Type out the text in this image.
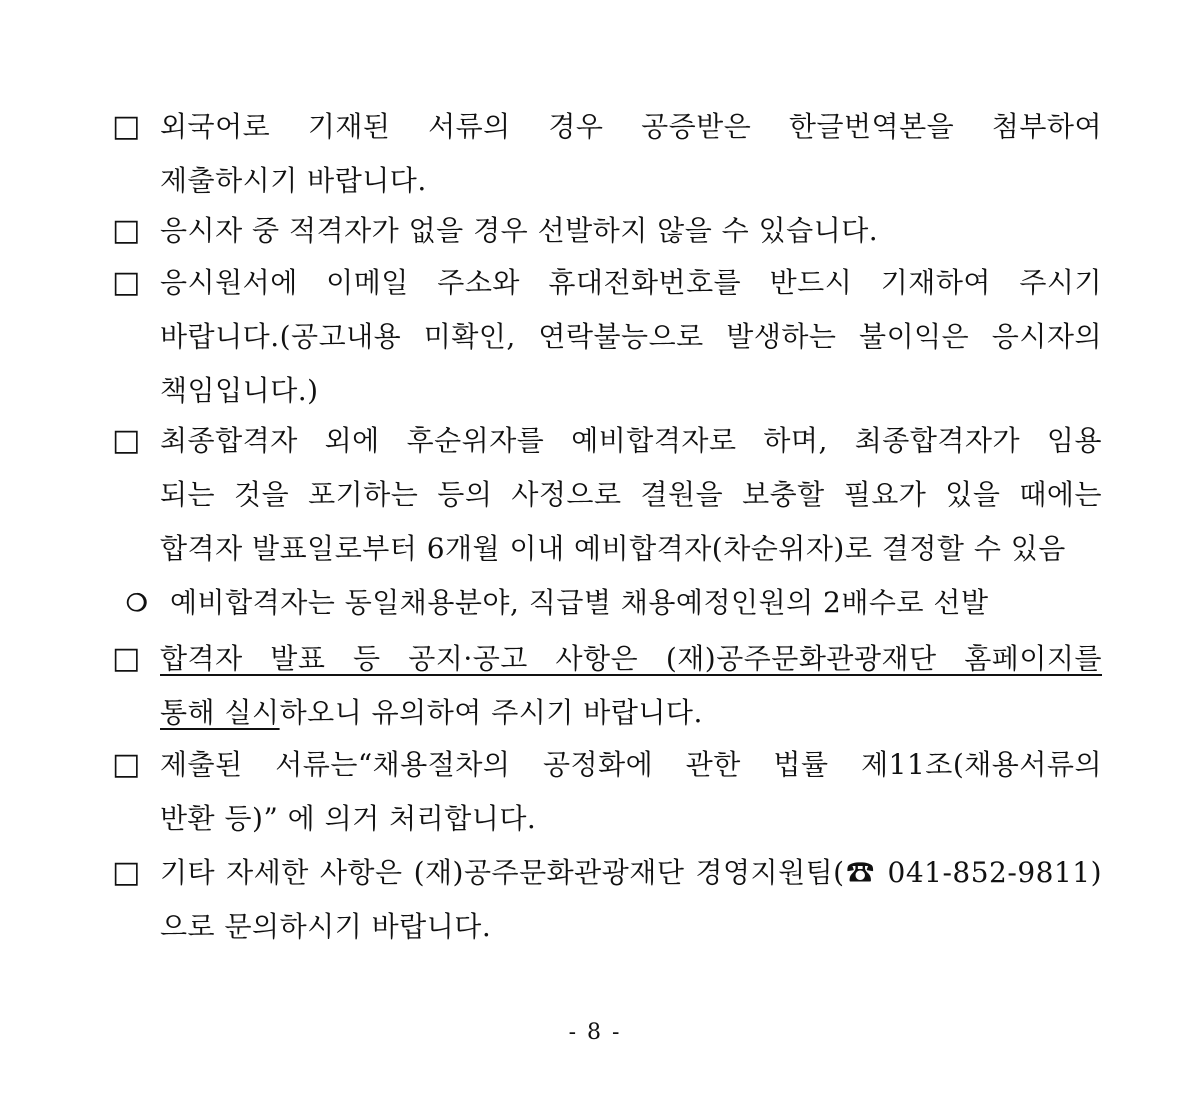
□ 외국어로 기재된 서류의 경우 공증받은 한글번역본을 첨부하여
제출하시기 바랍니다.
□ 응시자 중 적격자가 없을 경우 선발하지 않을 수 있습니다.
□ 응시원서에 이메일 주소와 휴대전화번호를 반드시 기재하여 주시기
바랍니다.(공고내용 미확인, 연락불능으로 발생하는 불이익은 응시자의
책임입니다.)
□ 최종합격자 외에 후순위자를 예비합격자로 하며, 최종합격자가 임용
되는 것을 포기하는 등의 사정으로 결원을 보충할 필요가 있을 때에는
합격자 발표일로부터 6개월 이내 예비합격자(차순위자)로 결정할 수 있음
❍ 예비합격자는 동일채용분야, 직급별 채용예정인원의 2배수로 선발
□ 합격자 발표 등 공지·공고 사항은 (재)공주문화관광재단 홈페이지를
통해 실시하오니 유의하여 주시기 바랍니다.
□ 제출된 서류는“채용절차의 공정화에 관한 법률 제11조(채용서류의
반환 등)” 에 의거 처리합니다.
□ 기타 자세한 사항은 (재)공주문화관광재단 경영지원팀(☎ 041-852-9811)
으로 문의하시기 바랍니다.
- 8 -
